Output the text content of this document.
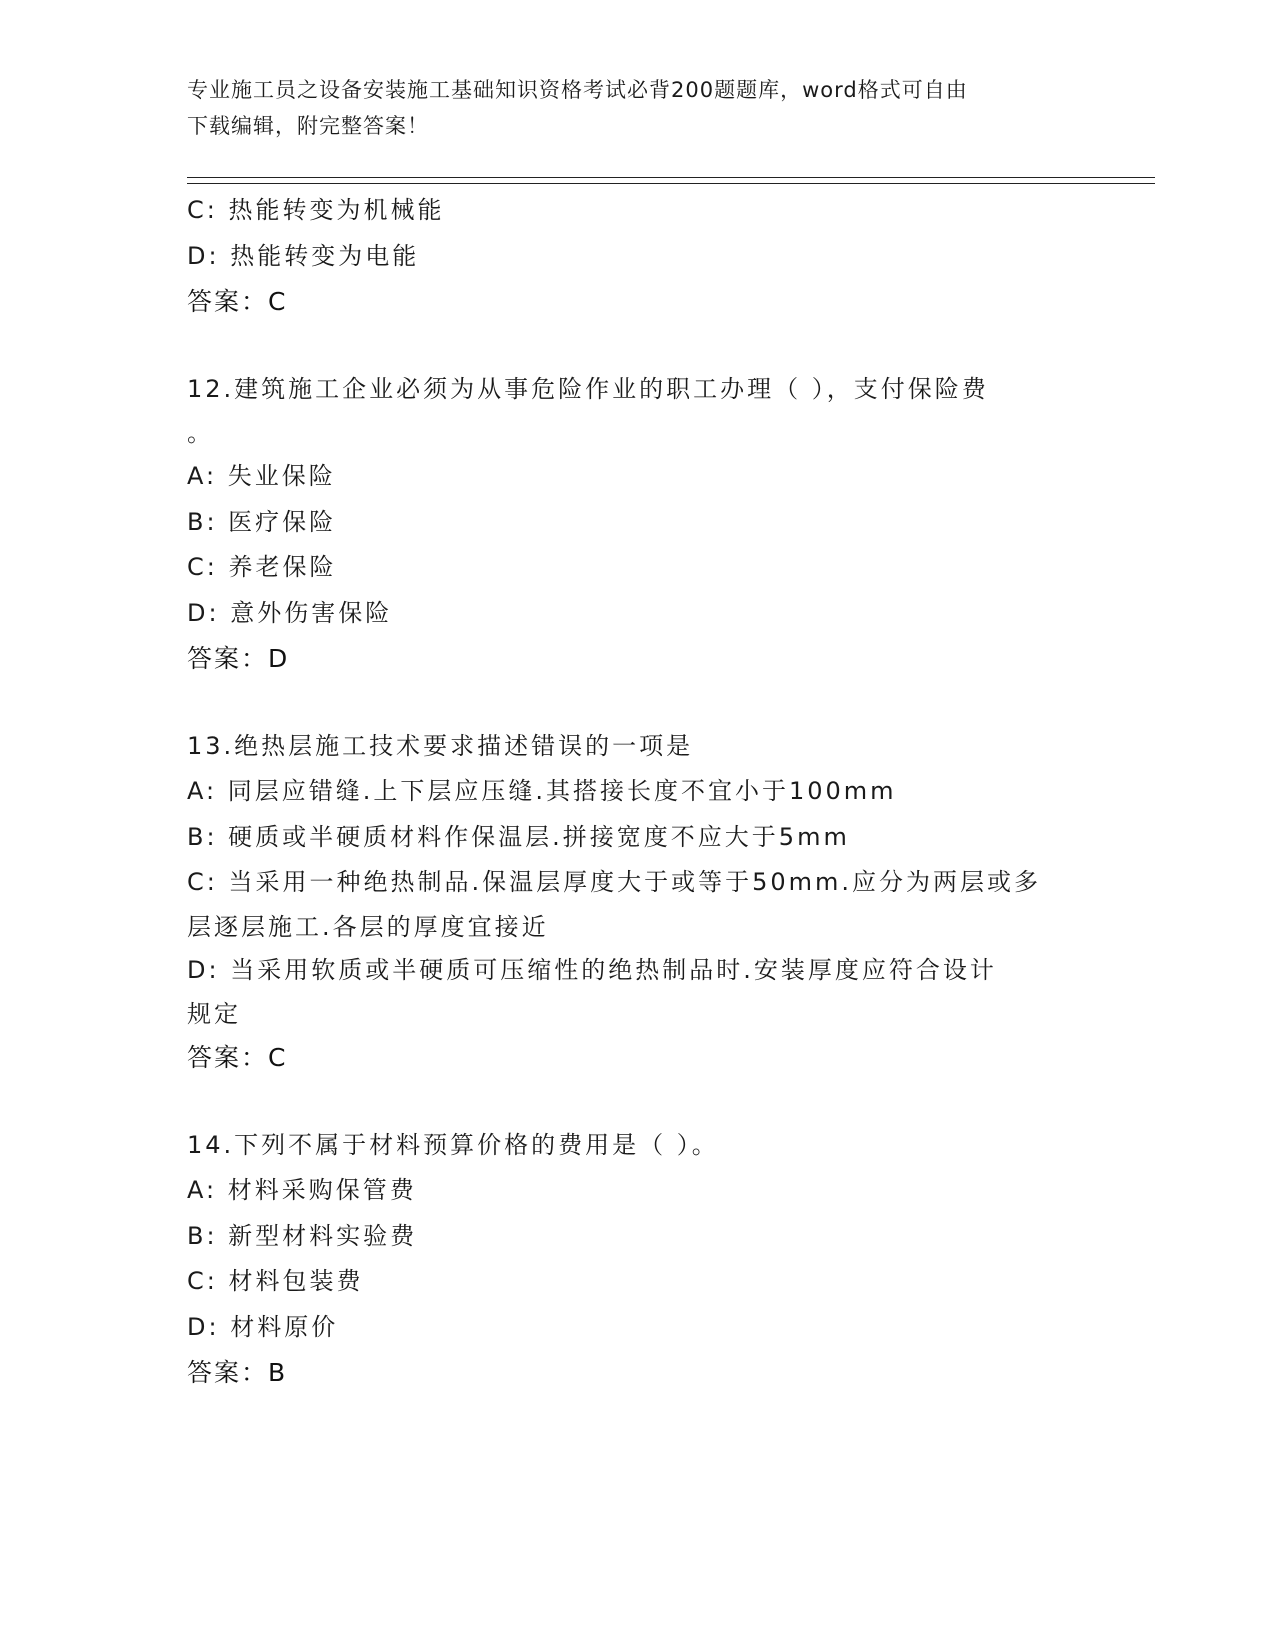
专业施工员之设备安装施工基础知识资格考试必背200题题库，word格式可自由
下载编辑，附完整答案！
C: 热能转变为机械能
D: 热能转变为电能
答案：C
12.建筑施工企业必须为从事危险作业的职工办理（ ），支付保险费
。
A: 失业保险
B: 医疗保险
C: 养老保险
D: 意外伤害保险
答案：D
13.绝热层施工技术要求描述错误的一项是
A: 同层应错缝.上下层应压缝.其搭接长度不宜小于100mm
B: 硬质或半硬质材料作保温层.拼接宽度不应大于5mm
C: 当采用一种绝热制品.保温层厚度大于或等于50mm.应分为两层或多
层逐层施工.各层的厚度宜接近
D: 当采用软质或半硬质可压缩性的绝热制品时.安装厚度应符合设计
规定
答案：C
14.下列不属于材料预算价格的费用是（ ）。
A: 材料采购保管费
B: 新型材料实验费
C: 材料包装费
D: 材料原价
答案：B
